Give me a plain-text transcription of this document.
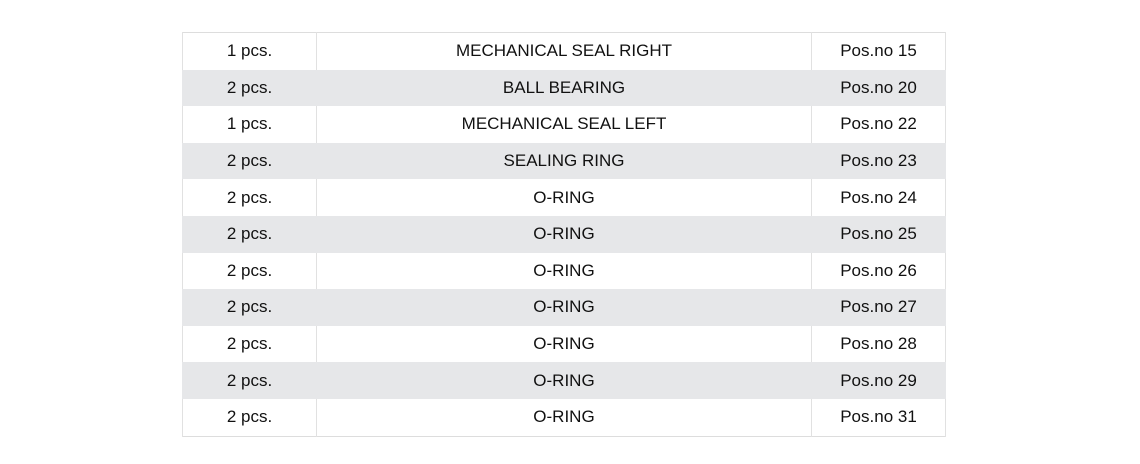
1 pcs.	MECHANICAL SEAL RIGHT	Pos.no 15
2 pcs.	BALL BEARING	Pos.no 20
1 pcs.	MECHANICAL SEAL LEFT	Pos.no 22
2 pcs.	SEALING RING	Pos.no 23
2 pcs.	O-RING	Pos.no 24
2 pcs.	O-RING	Pos.no 25
2 pcs.	O-RING	Pos.no 26
2 pcs.	O-RING	Pos.no 27
2 pcs.	O-RING	Pos.no 28
2 pcs.	O-RING	Pos.no 29
2 pcs.	O-RING	Pos.no 31
